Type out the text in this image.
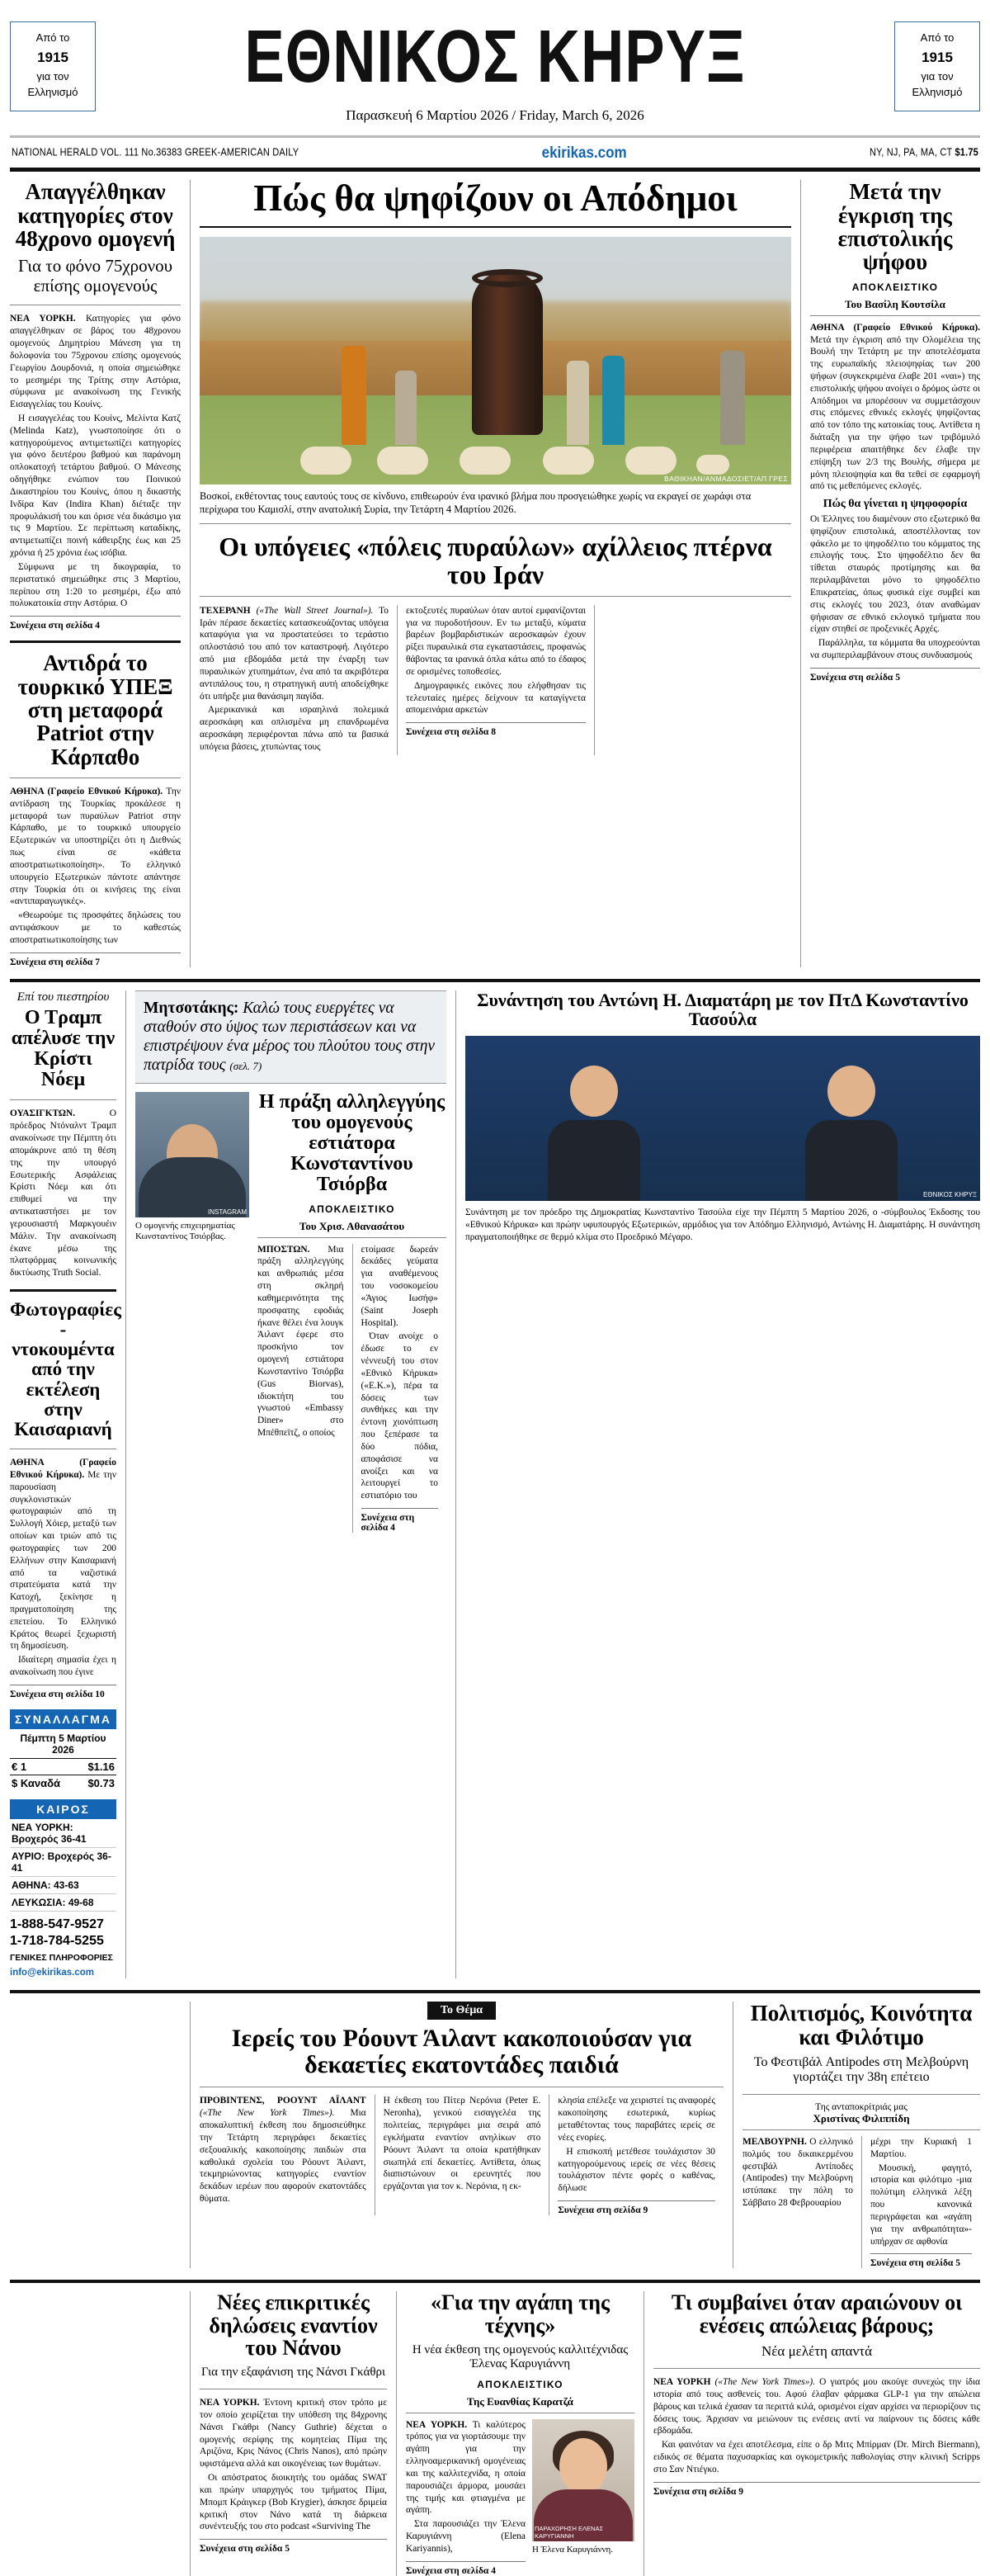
Από το
1915
για τον
Ελληνισμό	ΕΘΝΙΚΟΣ ΚΗΡΥΞ
Παρασκευή 6 Μαρτίου 2026 / Friday, March 6, 2026
Από το
1915
για τον
Ελληνισμό
NATIONAL HERALD VOL. 111 No.36383 GREEK-AMERICAN DAILY	ekirikas.com	NY, NJ, PA, MA, CT $1.75
Απαγγέλθηκαν κατηγορίες στον 48χρονο ομογενή

Για το φόνο 75χρονου επίσης ομογενούς

ΝΕΑ ΥΟΡΚΗ. Κατηγορίες για φόνο απαγγέλθηκαν σε βάρος του 48χρονου ομογενούς Δημητρίου Μάνεση για τη δολοφονία του 75χρονου επίσης ομογενούς Γεωργίου Δουρδονιά, η οποία σημειώθηκε το μεσημέρι της Τρίτης στην Αστόρια, σύμφωνα με ανακοίνωση της Γενικής Εισαγγελίας του Κουίνς.

Η εισαγγελέας του Κουίνς, Μελίντα Κατζ (Melinda Katz), γνωστοποίησε ότι ο κατηγορούμενος αντιμετωπίζει κατηγορίες για φόνο δευτέρου βαθμού και παράνομη οπλοκατοχή τετάρτου βαθμού. Ο Μάνεσης οδηγήθηκε ενώπιον του Ποινικού Δικαστηρίου του Κουίνς, όπου η δικαστής Ινδίρα Καν (Indira Khan) διέταξε την προφυλάκισή του και όρισε νέα δικάσιμο για τις 9 Μαρτίου. Σε περίπτωση καταδίκης, αντιμετωπίζει ποινή κάθειρξης έως και 25 χρόνια ή 25 χρόνια έως ισόβια.

Σύμφωνα με τη δικογραφία, το περιστατικό σημειώθηκε στις 3 Μαρτίου, περίπου στη 1:20 το μεσημέρι, έξω από πολυκατοικία στην Αστόρια. Ο

Συνέχεια στη σελίδα 4
Αντιδρά το τουρκικό ΥΠΕΞ στη μεταφορά Patriot στην Κάρπαθο

ΑΘΗΝΑ (Γραφείο Εθνικού Κήρυκα). Την αντίδραση της Τουρκίας προκάλεσε η μεταφορά των πυραύλων Patriot στην Κάρπαθο, με το τουρκικό υπουργείο Εξωτερικών να υποστηρίζει ότι η Διεθνώς πως είναι σε «κάθετα αποστρατιωτικοποίηση». Το ελληνικό υπουργείο Εξωτερικών πάντοτε απάντησε στην Τουρκία ότι οι κινήσεις της είναι «αντιπαραγωγικές».

«Θεωρούμε τις προσφάτες δηλώσεις του αντιφάσκουν με το καθεστώς αποστρατιωτικοποίησης των

Συνέχεια στη σελίδα 7
Πώς θα ψηφίζουν οι Απόδημοι
ΒΑΘΙΚΗΑΝ/ΑΝΜΑΔΟΣΙΕΤ/ΑΠ ΓΡΕΣ

Βοσκοί, εκθέτοντας τους εαυτούς τους σε κίνδυνο, επιθεωρούν ένα ιρανικό βλήμα που προσγειώθηκε χωρίς να εκραγεί σε χωράφι στα περίχωρα του Καμισλί, στην ανατολική Συρία, την Τετάρτη 4 Μαρτίου 2026.

Οι υπόγειες «πόλεις πυραύλων» αχίλλειος πτέρνα του Ιράν

ΤΕΧΕΡΑΝΗ («The Wall Street Journal»). Το Ιράν πέρασε δεκαετίες κατασκευάζοντας υπόγεια καταφύγια για να προστατεύσει το τεράστιο οπλοστάσιό του από τον καταστροφή. Λιγότερο από μια εβδομάδα μετά την έναρξη των πυραυλικών χτυπημάτων, ένα από τα ακριβότερα αντιπάλους του, η στρατηγική αυτή αποδείχθηκε ότι υπήρξε μια θανάσιμη παγίδα.

Αμερικανικά και ισραηλινά πολεμικά αεροσκάφη και οπλισμένα μη επανδρωμένα αεροσκάφη περιφέρονται πάνω από τα βασικά υπόγεια βάσεις, χτυπώντας τους

εκτοξευτές πυραύλων όταν αυτοί εμφανίζονται για να πυροδοτήσουν. Εν τω μεταξύ, κύματα βαρέων βομβαρδιστικών αεροσκαφών έχουν ρίξει πυραυλικά στα εγκαταστάσεις, προφανώς θάβοντας τα ιρανικά όπλα κάτω από το έδαφος σε ορισμένες τοποθεσίες.

Δημογραφικές εικόνες που ελήφθησαν τις τελευταίες ημέρες δείχνουν τα καταγίγνετα απομεινάρια αρκετών

Συνέχεια στη σελίδα 8
Μετά την έγκριση της επιστολικής ψήφου
ΑΠΟΚΛΕΙΣΤΙΚΟ
Του Βασίλη Κουτσίλα

ΑΘΗΝΑ (Γραφείο Εθνικού Κήρυκα). Μετά την έγκριση από την Ολομέλεια της Βουλή την Τετάρτη με την αποτελέσματα της ευρωπαϊκής πλειοψηφίας των 200 ψήφων (συγκεκριμένα έλαβε 201 «ναι») της επιστολικής ψήφου ανοίγει ο δρόμος ώστε οι Απόδημοι να μπορέσουν να συμμετάσχουν στις επόμενες εθνικές εκλογές ψηφίζοντας από τον τόπο της κατοικίας τους. Αντίθετα η διάταξη για την ψήφο των τριβόμυλό περιφέρεια απαιτήθηκε δεν έλαβε την επίψηξη των 2/3 της Βουλής, σήμερα με μόνη πλειοψηφία και θα τεθεί σε εφαρμογή από τις μεθεπόμενες εκλογές.

Πώς θα γίνεται η ψηφοφορία

Οι Έλληνες του διαμένουν στο εξωτερικό θα ψηφίζουν επιστολικά, αποστέλλοντας τον φάκελο με το ψηφοδέλτιο του κόμματος της επιλογής τους. Στο ψηφοδέλτιο δεν θα τίθεται σταυρός προτίμησης και θα περιλαμβάνεται μόνο το ψηφοδέλτιο Επικρατείας, όπως φυσικά είχε συμβεί και στις εκλογές του 2023, όταν αναθώμαν ψήφισαν σε εθνικό εκλογικό τμήματα που είχαν στηθεί σε προξενικές Αρχές.

Παράλληλα, τα κόμματα θα υποχρεούνται να συμπεριλαμβάνουν στους συνδυασμούς

Συνέχεια στη σελίδα 5
Επί του πιεστηρίου
Ο Τραμπ απέλυσε την Κρίστι Νόεμ

ΟΥΑΣΙΓΚΤΩΝ.	Ο πρόεδρος Ντόναλντ Τραμπ ανακοίνωσε την Πέμπτη ότι απομάκρυνε από τη θέση της την υπουργό Εσωτερικής Ασφάλειας Κρίστι Νόεμ και ότι επιθυμεί να την αντικαταστήσει με τον γερουσιαστή Μαρκγουέιν Μάλιν. Την ανακοίνωση έκανε μέσω της πλατφόρμας κοινωνικής δικτύωσης Truth Social.

Φωτογραφίες - ντοκουμέντα από την εκτέλεση στην Καισαριανή

ΑΘΗΝΑ (Γραφείο Εθνικού Κήρυκα). Με την παρουσίαση συγκλονιστικών φωτογραφιών από τη Συλλογή Χόιερ, μεταξύ των οποίων και τριών από τις φωτογραφίες των 200 Ελλήνων στην Καισαριανή από τα ναζιστικά στρατεύματα κατά την Κατοχή, ξεκίνησε η πραγματοποίηση της επετείου. Το Ελληνικό Κράτος θεωρεί ξεχωριστή τη δημοσίευση.

Ιδιαίτερη σημασία έχει η ανακοίνωση που έγινε

Συνέχεια στη σελίδα 10
ΣΥΝΑΛΛΑΓΜΑ
Πέμπτη 5 Μαρτίου 2026
€ 1	$1.16
$ Καναδά	$0.73
ΚΑΙΡΟΣ
ΝΕΑ ΥΟΡΚΗ: Βροχερός 36-41
ΑΥΡΙΟ: Βροχερός 36-41
ΑΘΗΝΑ: 43-63
ΛΕΥΚΩΣΙΑ: 49-68
1-888-547-9527
1-718-784-5255
ΓΕΝΙΚΕΣ ΠΛΗΡΟΦΟΡΙΕΣ
info@ekirikas.com
Μητσοτάκης: Καλώ τους ευεργέτες να σταθούν στο ύψος των περιστάσεων και να επιστρέψουν ένα μέρος του πλούτου τους στην πατρίδα τους (σελ. 7)
INSTAGRAM

Ο ομογενής επιχειρηματίας Κωνσταντίνος Τσιόρβας.

Η πράξη αλληλεγγύης του ομογενούς εστιάτορα Κωνσταντίνου Τσιόρβα
ΑΠΟΚΛΕΙΣΤΙΚΟ
Του Χρισ. Αθανασάτου

ΜΠΟΣΤΩΝ. Μια πράξη αλληλεγγύης και ανθρωπιάς μέσα στη σκληρή καθημερινότητα της προσφατης εφοδιάς ήκανε θέλει ένα λουγκ Άιλαντ έφερε στο προσκήνιο τον ομογενή εστιάτορα Κωνσταντίνο Τσιόρβα (Gus Βiorvas), ιδιοκτήτη του γνωστού «Embassy Diner» στο Μπέθπεϊτζ, ο οποίος

ετοίμασε δωρεάν δεκάδες γεύματα για αναθέμενους του νοσοκομείου «Άγιος Ιωσήφ» (Saint Joseph Hospital).

Όταν ανοίχε ο έδωσε το εν νέννευξή του στον «Εθνικό Κήρυκα» («Ε.Κ.»), πέρα τα δόσεις των συνθήκες και την έντονη χιονόπτωση που ξεπέρασε τα δύο πόδια, αποφάσισε να ανοίξει και να λειτουργεί το εστιατόριο του

Συνέχεια στη σελίδα 4
Συνάντηση του Αντώνη Η. Διαματάρη με τον ΠτΔ Κωνσταντίνο Τασούλα
ΕΘΝΙΚΟΣ ΚΗΡΥΞ

Συνάντηση με τον πρόεδρο της Δημοκρατίας Κωνσταντίνο Τασούλα είχε την Πέμπτη 5 Μαρτίου 2026, ο -σύμβουλος Έκδοσης του «Εθνικού Κήρυκα» και πρώην υφυπουργός Εξωτερικών, αρμόδιος για τον Απόδημο Ελληνισμό, Αντώνης Η. Διαματάρης. Η συνάντηση πραγματοποιήθηκε σε θερμό κλίμα στο Προεδρικό Μέγαρο.

Το Θέμα
Ιερείς του Ρόουντ Άιλαντ κακοποιούσαν για δεκαετίες εκατοντάδες παιδιά

ΠΡΟΒΙΝΤΕΝΣ, ΡΟΟΥΝΤ ΑΪΛΑΝΤ («The New York Times»). Μια αποκαλυπτική έκθεση που δημοσιεύθηκε την Τετάρτη περιγράφει δεκαετίες σεξουαλικής κακοποίησης παιδιών στα καθολικά σχολεία του Ρόουντ Άιλαντ, τεκμηριώνοντας κατηγορίες εναντίον δεκάδων ιερέων που αφορούν εκατοντάδες θύματα.

Η έκθεση του Πίτερ Νερόνια (Peter E. Neronha), γενικού εισαγγελέα της πολιτείας, περιγράφει μια σειρά από εγκλήματα εναντίον ανηλίκων στο Ρόουντ Άιλαντ τα οποία κρατήθηκαν σιωπηλά επί δεκαετίες. Αντίθετα, όπως διαπιστώνουν οι ερευνητές που εργάζονται για τον κ. Νερόνια, η εκ-

κλησία επέλεξε να χειριστεί τις αναφορές κακοποίησης εσωτερικά, κυρίως μεταθέτοντας τους παραβάτες ιερείς σε νέες ενορίες.

Η επισκοπή μετέθεσε τουλάχιστον 30 κατηγορούμενους ιερείς σε νέες θέσεις τουλάχιστον πέντε φορές ο καθένας, δήλωσε

Συνέχεια στη σελίδα 9
Πολιτισμός, Κοινότητα και Φιλότιμο

Το Φεστιβάλ Antipodes στη Μελβούρνη γιορτάζει την 38η επέτειο

Της ανταποκρίτριάς μας
Χριστίνας Φιλιππίδη

ΜΕΛΒΟΥΡΝΗ. Ο ελληνικό πολμός του δικαικερμένου φεστιβάλ Αντίποδες (Antipodes) την Μελβούρνη ιστύπακε την πόλη το Σάββατο 28 Φεβρουαρίου

μέχρι την Κυριακή 1 Μαρτίου.

Μουσική, φαγητό, ιστορία και φιλότιμο -μια πολύτιμη ελληνικά λέξη που κανονικά περιγράφεται και «αγάπη για την ανθρωπότητα»- υπήρχαν σε αφθονία

Συνέχεια στη σελίδα 5
Νέες επικριτικές δηλώσεις εναντίον του Νάνου

Για την εξαφάνιση της Νάνσι Γκάθρι

ΝΕΑ ΥΟΡΚΗ. Έντονη κριτική στον τρόπο με τον οποίο χειρίζεται την υπόθεση της 84χρονης Νάνσι Γκάθρι (Nancy Guthrie) δέχεται ο ομογενής σερίφης της κομητείας Πίμα της Αριζόνα, Κρις Νάνος (Chris Nanos), από πρώην υφιστάμενα αλλά και οικογένειας των θυμάτων.

Οι απόστρατος διοικητής του ομάδας SWAT και πρώην υπαρχηγός του τμήματος Πίμα, Μπομπ Κράιγκερ (Bob Krygier), άσκησε δριμεία κριτική στον Νάνο κατά τη διάρκεια συνέντευξής του στο podcast «Surviving The

Συνέχεια στη σελίδα 5
«Για την αγάπη της τέχνης»

Η νέα έκθεση της ομογενούς καλλιτέχνιδας Έλενας Καρυγιάννη

ΑΠΟΚΛΕΙΣΤΙΚΟ
Της Ευανθίας Καρατζά

ΝΕΑ ΥΟΡΚΗ. Τι καλύτερος τρόπος για να γιορτάσουμε την αγάπη για την ελληνοαμερικανική ομογένειας και της καλλιτεχνίδα, η οποία παρουσιάζει άρμορα, μουσάει της τιμής και φτιαγμένα με αγάπη.

Στα παρουσιάζει την Έλενα Καρυγιάννη (Elena Kariyannis),

Συνέχεια στη σελίδα 4
ΠΑΡΑΧΩΡΗΣΗ ΕΛΕΝΑΣ ΚΑΡΥΓΙΑΝΝΗ

Η Έλενα Καρυγιάννη.

Τι συμβαίνει όταν αραιώνουν οι ενέσεις απώλειας βάρους;

Νέα μελέτη απαντά

ΝΕΑ ΥΟΡΚΗ («The New York Times»). Ο γιατρός μου ακούγε συνεχώς την ίδια ιστορία από τους ασθενείς του. Αφού έλαβαν φάρμακα GLP-1 για την απώλεια βάρους και τελικά έχασαν τα περιττά κιλά, ορισμένοι είχαν αρχίσει να περιορίζουν τις δόσεις τους. Άρχισαν να μειώνουν τις ενέσεις αντί να παίρνουν τις δόσεις κάθε εβδομάδα.

Και φαινόταν να έχει αποτέλεσμα, είπε ο δρ Μιτς Μπίρμαν (Dr. Mirch Biermann), ειδικός σε θέματα παχυσαρκίας και ογκομετρικής παθολογίας στην κλινική Scripps στο Σαν Ντιέγκο.

Συνέχεια στη σελίδα 9
